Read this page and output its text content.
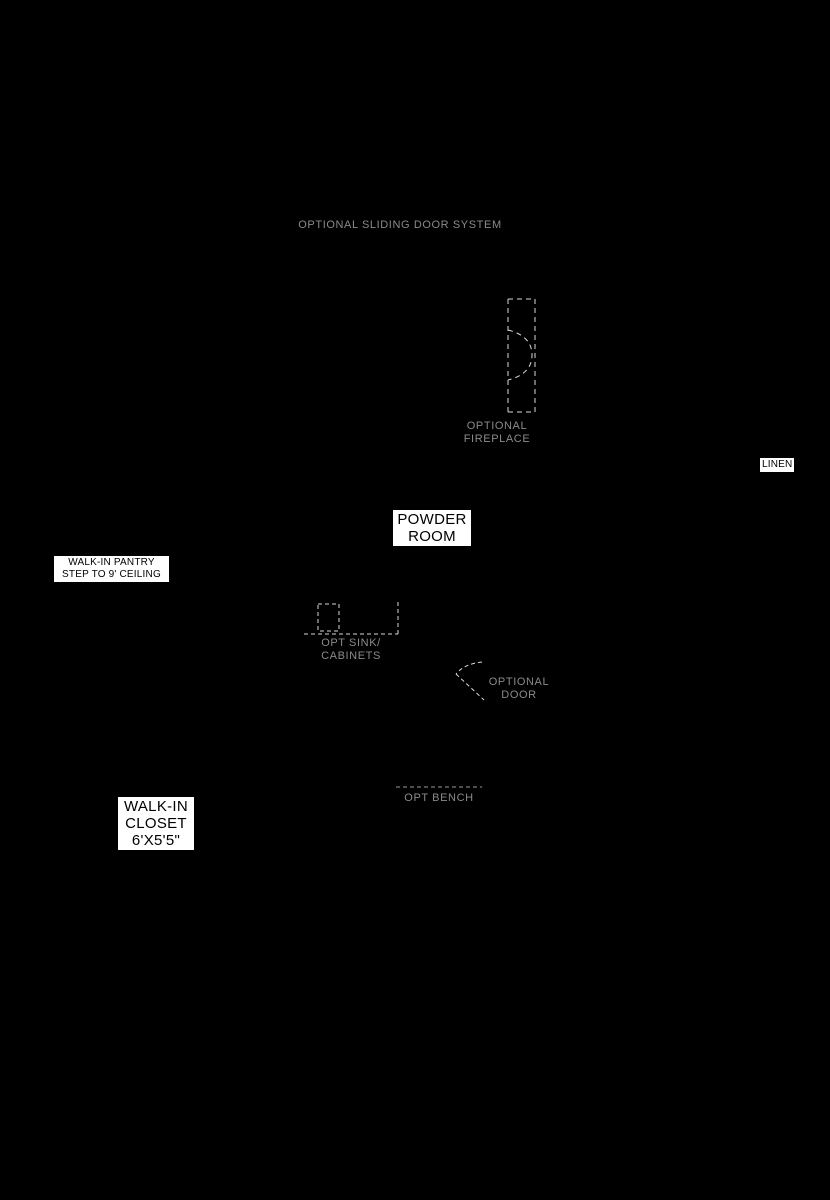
OPTIONAL SLIDING DOOR SYSTEM
OPTIONAL
FIREPLACE
LINEN
POWDER
ROOM
WALK-IN PANTRY
STEP TO 9' CEILING
OPT SINK/
CABINETS
OPTIONAL
DOOR
OPT BENCH
WALK-IN
CLOSET
6'X5'5"
